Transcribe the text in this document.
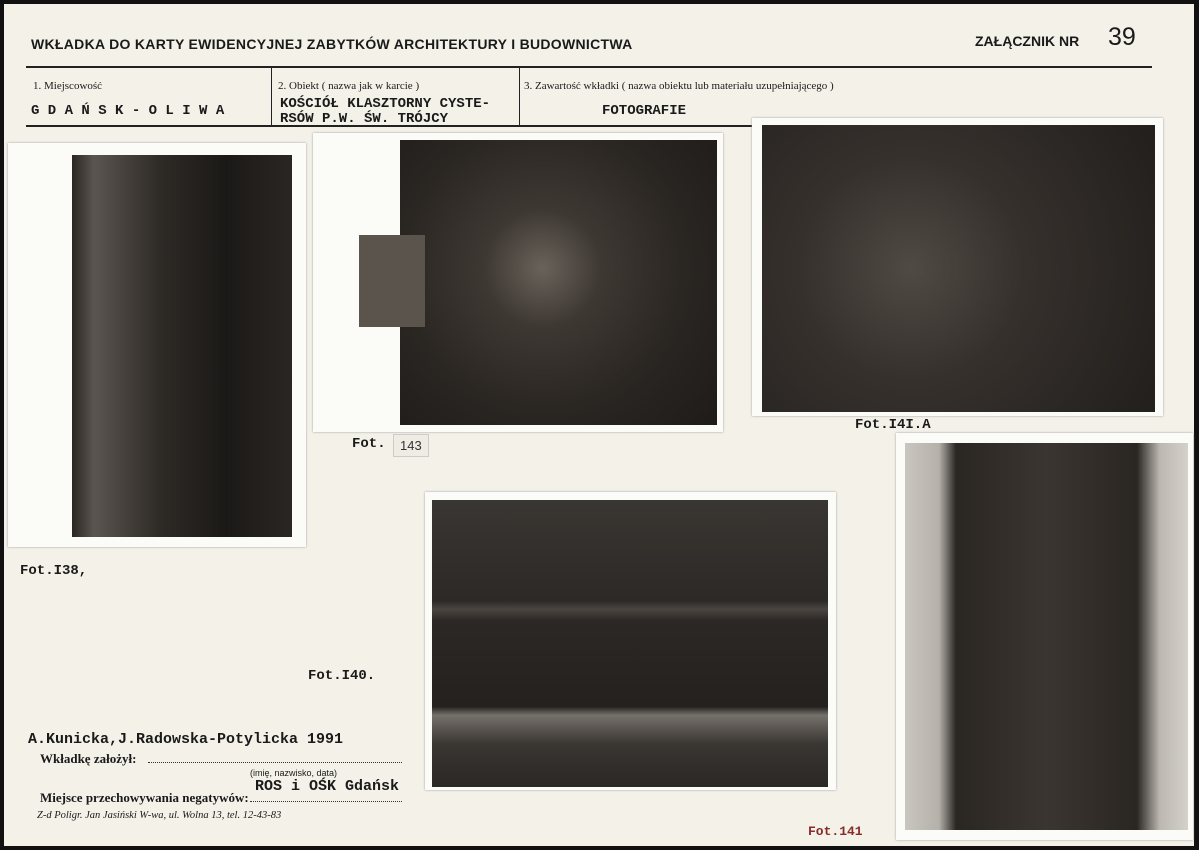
WKŁADKA DO KARTY EWIDENCYJNEJ ZABYTKÓW ARCHITEKTURY I BUDOWNICTWA	ZAŁĄCZNIK NR 39
1. Miejscowość
G D A Ń S K - O L I W A
2. Obiekt ( nazwa jak w karcie )
KOŚCIÓŁ KLASZTORNY CYSTE-
RSÓW P.W. ŚW. TRÓJCY
3. Zawartość wkładki ( nazwa obiektu lub materiału uzupełniającego )
FOTOGRAFIE
Fot.I38,
Fot.	143
Fot.I4I.A
Fot.I40.
Fot.141
A.Kunicka,J.Radowska-Potylicka 1991
Wkładkę założył:
(imię, nazwisko, data)
ROS i OŚK Gdańsk
Miejsce przechowywania negatywów:
Z-d Poligr. Jan Jasiński W-wa, ul. Wolna 13, tel. 12-43-83
